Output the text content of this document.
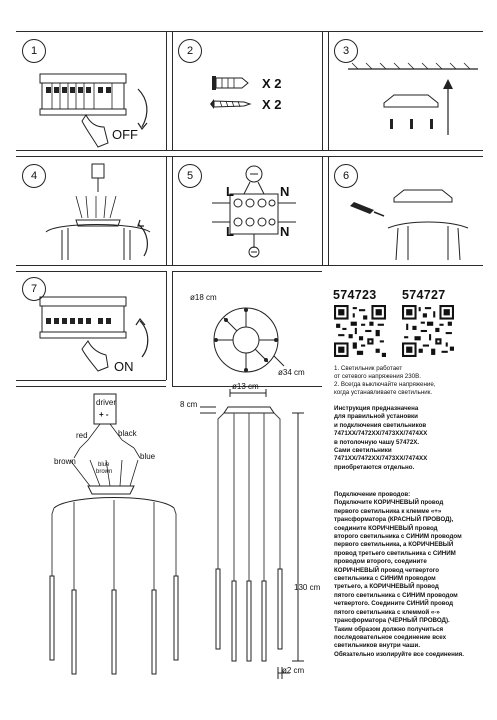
1
OFF
2
X 2
X 2
3
4	5
L	N
L	N
6
7
ON
ø18 cm
ø34 cm
ø13 cm
8 cm
130 cm
ø2 cm
driver
+ -
red	black
brown
blue
blue
brown
574723 574727
1. Светильник работает
от сетевого напряжения 230В.
2. Всегда выключайте напряжение,
когда устанавливаете светильник.
Инструкция предназначена
для правильной установки
и подключения светильников
7471XX/7472XX/7473XX/7474XX
в потолочную чашу 57472Х.
Сами светильники
7471XX/7472XX/7473XX/7474XX
приобретаются отдельно.
Подключение проводов:
Подключите КОРИЧНЕВЫЙ провод
первого светильника к клемме «+»
трансформатора (КРАСНЫЙ ПРОВОД),
соедините КОРИЧНЕВЫЙ провод
второго светильника с СИНИМ проводом
первого светильника, а КОРИЧНЕВЫЙ
провод третьего светильника с СИНИМ
проводом второго, соедините
КОРИЧНЕВЫЙ провод четвертого
светильника с СИНИМ проводом
третьего, а КОРИЧНЕВЫЙ провод
пятого светильника с СИНИМ проводом
четвертого. Соедините СИНИЙ провод
пятого светильника с клеммой «-»
трансформатора (ЧЕРНЫЙ ПРОВОД).
Таким образом должно получиться
последовательное соединение всех
светильников внутри чаши.
Обязательно изолируйте все соединения.
